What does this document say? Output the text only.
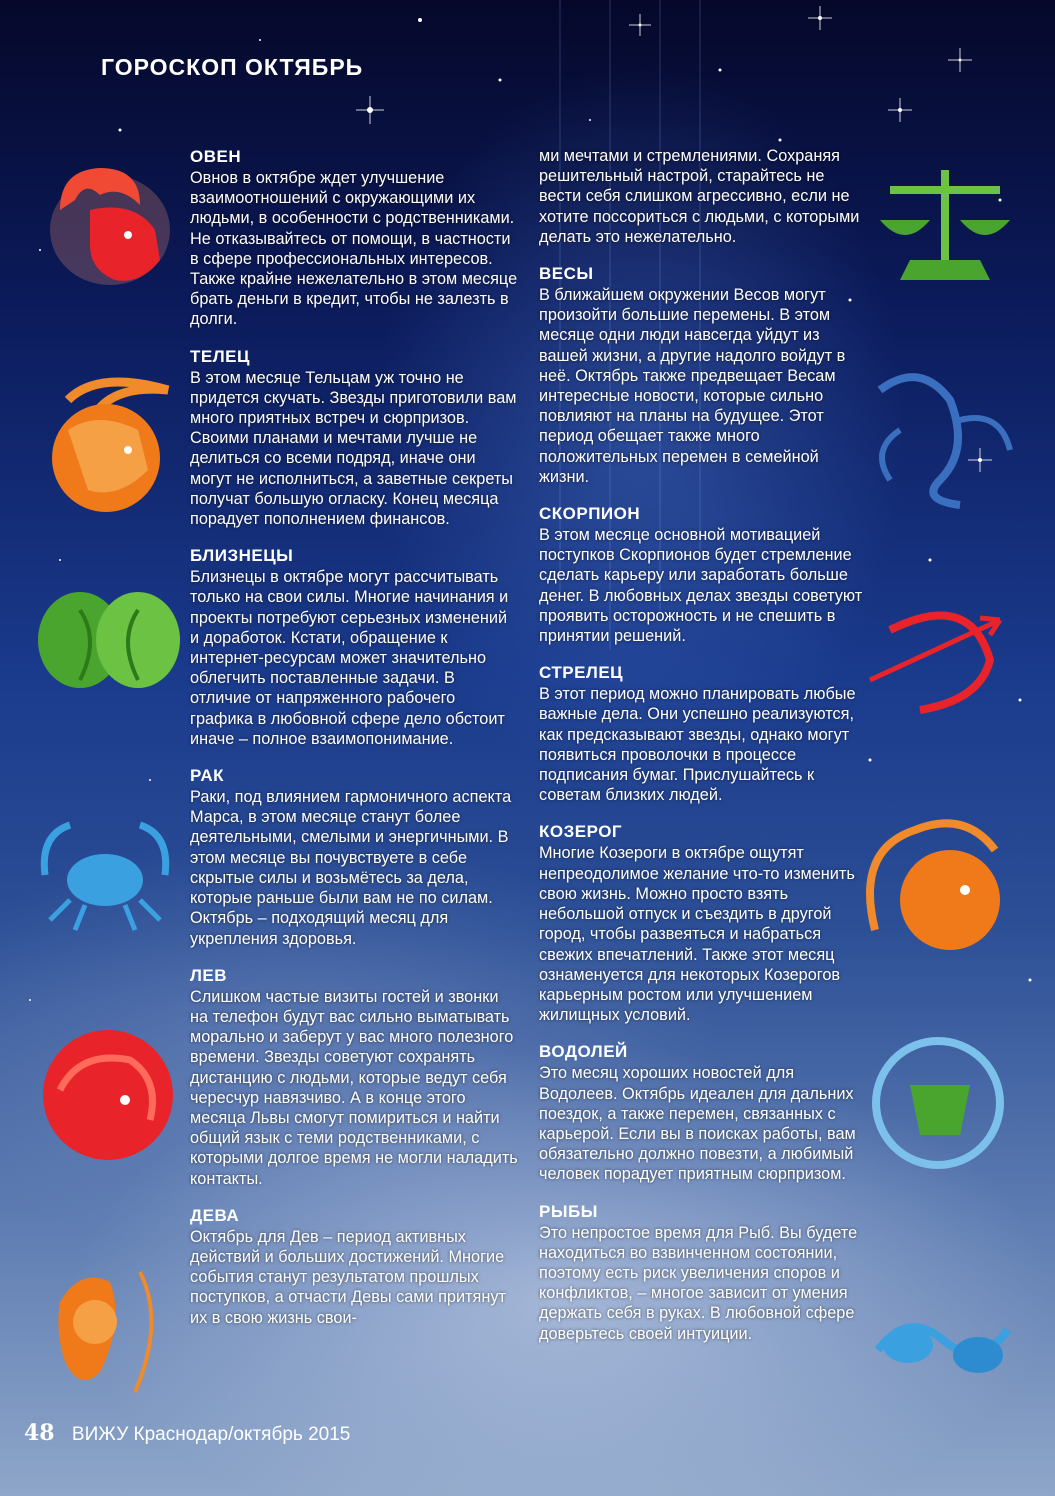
ГОРОСКОП ОКТЯБРЬ
ОВЕН
Овнов в октябре ждет улучшение взаимоотношений с окружающими их людьми, в особенности с родственниками. Не отказывайтесь от помощи, в частности в сфере профессиональных интересов. Также крайне нежелательно в этом месяце брать деньги в кредит, чтобы не залезть в долги.
ТЕЛЕЦ
В этом месяце Тельцам уж точно не придется скучать. Звезды приготовили вам много приятных встреч и сюрпризов. Своими планами и мечтами лучше не делиться со всеми подряд, иначе они могут не исполниться, а заветные секреты получат большую огласку. Конец месяца порадует пополнением финансов.
БЛИЗНЕЦЫ
Близнецы в октябре могут рассчитывать только на свои силы. Многие начинания и проекты потребуют серьезных изменений и доработок. Кстати, обращение к интернет-ресурсам может значительно облегчить поставленные задачи. В отличие от напряженного рабочего графика в любовной сфере дело обстоит иначе – полное взаимопонимание.
РАК
Раки, под влиянием гармоничного аспекта Марса, в этом месяце станут более деятельными, смелыми и энергичными. В этом месяце вы почувствуете в себе скрытые силы и возьмётесь за дела, которые раньше были вам не по силам. Октябрь – подходящий месяц для укрепления здоровья.
ЛЕВ
Слишком частые визиты гостей и звонки на телефон будут вас сильно выматывать морально и заберут у вас много полезного времени. Звезды советуют сохранять дистанцию с людьми, которые ведут себя чересчур навязчиво. А в конце этого месяца Львы смогут помириться и найти общий язык с теми родственниками, с которыми долгое время не могли наладить контакты.
ДЕВА
Октябрь для Дев – период активных действий и больших достижений. Многие события станут результатом прошлых поступков, а отчасти Девы сами притянут их в свою жизнь свои-
ми мечтами и стремлениями. Сохраняя решительный настрой, старайтесь не вести себя слишком агрессивно, если не хотите поссориться с людьми, с которыми делать это нежелательно.
ВЕСЫ
В ближайшем окружении Весов могут произойти большие перемены. В этом месяце одни люди навсегда уйдут из вашей жизни, а другие надолго войдут в неё. Октябрь также предвещает Весам интересные новости, которые сильно повлияют на планы на будущее. Этот период обещает также много положительных перемен в семейной жизни.
СКОРПИОН
В этом месяце основной мотивацией поступков Скорпионов будет стремление сделать карьеру или заработать больше денег. В любовных делах звезды советуют проявить осторожность и не спешить в принятии решений.
СТРЕЛЕЦ
В этот период можно планировать любые важные дела. Они успешно реализуются, как предсказывают звезды, однако могут появиться проволочки в процессе подписания бумаг. Прислушайтесь к советам близких людей.
КОЗЕРОГ
Многие Козероги в октябре ощутят непреодолимое желание что-то изменить свою жизнь. Можно просто взять небольшой отпуск и съездить в другой город, чтобы развеяться и набраться свежих впечатлений. Также этот месяц ознаменуется для некоторых Козерогов карьерным ростом или улучшением жилищных условий.
ВОДОЛЕЙ
Это месяц хороших новостей для Водолеев. Октябрь идеален для дальних поездок, а также перемен, связанных с карьерой. Если вы в поисках работы, вам обязательно должно повезти, а любимый человек порадует приятным сюрпризом.
РЫБЫ
Это непростое время для Рыб. Вы будете находиться во взвинченном состоянии, поэтому есть риск увеличения споров и конфликтов, – многое зависит от умения держать себя в руках. В любовной сфере доверьтесь своей интуиции.
48 ВИЖУ Краснодар/октябрь 2015
